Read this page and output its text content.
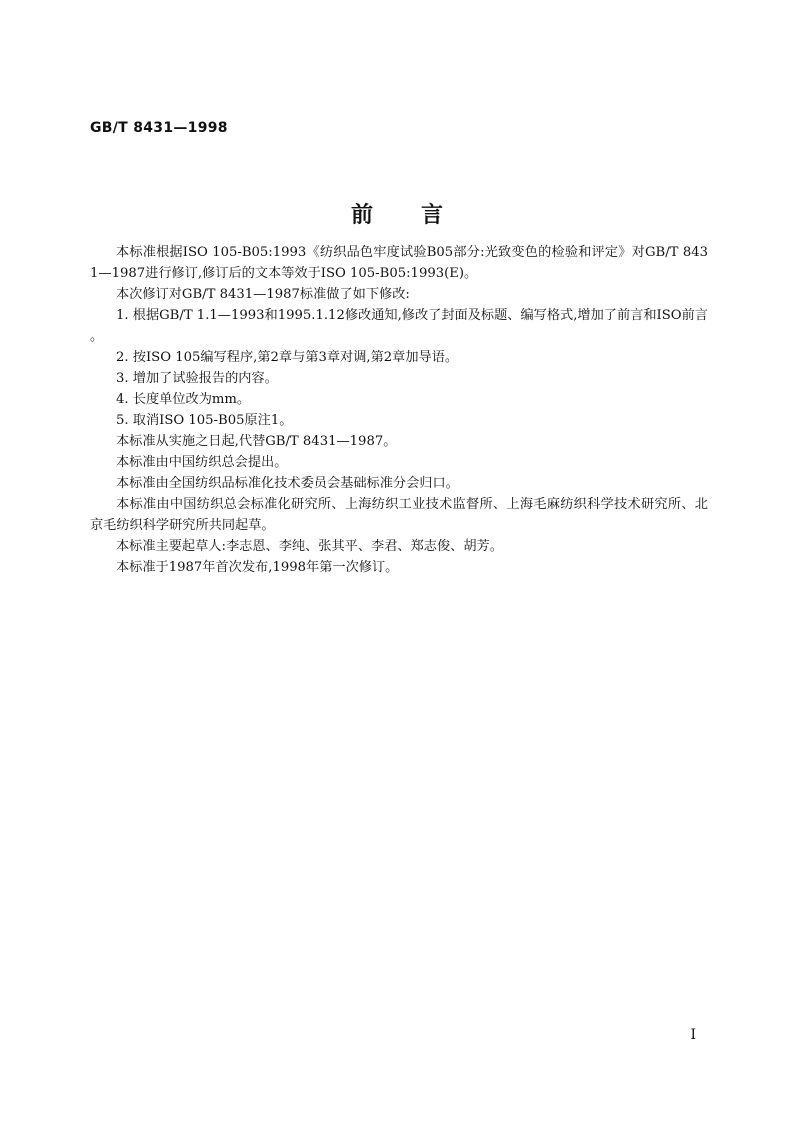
GB/T 8431—1998
前 言

本标准根据ISO 105-B05:1993《纺织品色牢度试验B05部分:光致变色的检验和评定》对GB/T 8431—1987进行修订,修订后的文本等效于ISO 105-B05:1993(E)。

本次修订对GB/T 8431—1987标准做了如下修改:

1. 根据GB/T 1.1—1993和1995.1.12修改通知,修改了封面及标题、编写格式,增加了前言和ISO前言。

2. 按ISO 105编写程序,第2章与第3章对调,第2章加导语。

3. 增加了试验报告的内容。

4. 长度单位改为mm。

5. 取消ISO 105-B05原注1。

本标准从实施之日起,代替GB/T 8431—1987。

本标准由中国纺织总会提出。

本标准由全国纺织品标准化技术委员会基础标准分会归口。

本标准由中国纺织总会标准化研究所、上海纺织工业技术监督所、上海毛麻纺织科学技术研究所、北京毛纺织科学研究所共同起草。

本标准主要起草人:李志恩、李纯、张其平、李君、郑志俊、胡芳。

本标准于1987年首次发布,1998年第一次修订。

I
